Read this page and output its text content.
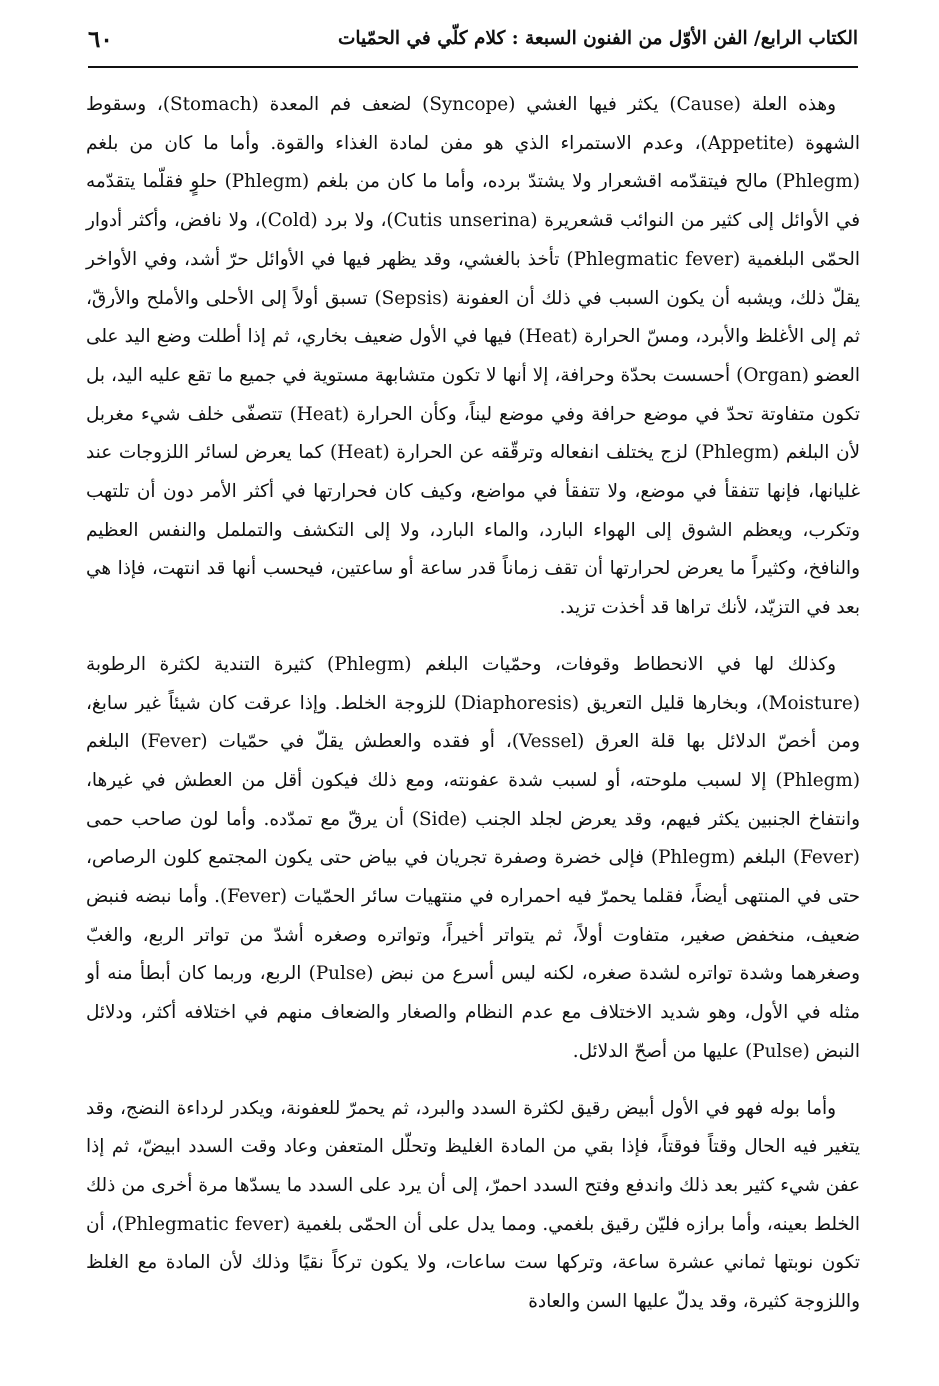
٦٠	الكتاب الرابع/ الفن الأوّل من الفنون السبعة : كلام كلّي في الحمّيات

وهذه العلة (Cause) يكثر فيها الغشي (Syncope) لضعف فم المعدة (Stomach)، وسقوط الشهوة (Appetite)، وعدم الاستمراء الذي هو مفن لمادة الغذاء والقوة. وأما ما كان من بلغم (Phlegm) مالح فيتقدّمه اقشعرار ولا يشتدّ برده، وأما ما كان من بلغم (Phlegm) حلوٍ فقلّما يتقدّمه في الأوائل إلى كثير من النوائب قشعريرة (Cutis unserina)، ولا برد (Cold)، ولا نافض، وأكثر أدوار الحمّى البلغمية (Phlegmatic fever) تأخذ بالغشي، وقد يظهر فيها في الأوائل حرّ أشد، وفي الأواخر يقلّ ذلك، ويشبه أن يكون السبب في ذلك أن العفونة (Sepsis) تسبق أولاً إلى الأحلى والأملح والأرقّ، ثم إلى الأغلظ والأبرد، ومسّ الحرارة (Heat) فيها في الأول ضعيف بخاري، ثم إذا أطلت وضع اليد على العضو (Organ) أحسست بحدّة وحرافة، إلا أنها لا تكون متشابهة مستوية في جميع ما تقع عليه اليد، بل تكون متفاوتة تحدّ في موضع حرافة وفي موضع ليناً، وكأن الحرارة (Heat) تتصفّى خلف شيء مغربل لأن البلغم (Phlegm) لزج يختلف انفعاله وترقّقه عن الحرارة (Heat) كما يعرض لسائر اللزوجات عند غليانها، فإنها تتفقأ في موضع، ولا تتفقأ في مواضع، وكيف كان فحرارتها في أكثر الأمر دون أن تلتهب وتكرب، ويعظم الشوق إلى الهواء البارد، والماء البارد، ولا إلى التكشف والتململ والنفس العظيم والنافخ، وكثيراً ما يعرض لحرارتها أن تقف زماناً قدر ساعة أو ساعتين، فيحسب أنها قد انتهت، فإذا هي بعد في التزيّد، لأنك تراها قد أخذت تزيد.

وكذلك لها في الانحطاط وقوفات، وحمّيات البلغم (Phlegm) كثيرة التندية لكثرة الرطوبة (Moisture)، وبخارها قليل التعريق (Diaphoresis) للزوجة الخلط. وإذا عرقت كان شيئاً غير سابغ، ومن أخصّ الدلائل بها قلة العرق (Vessel)، أو فقده والعطش يقلّ في حمّيات (Fever) البلغم (Phlegm) إلا لسبب ملوحته، أو لسبب شدة عفونته، ومع ذلك فيكون أقل من العطش في غيرها، وانتفاخ الجنبين يكثر فيهم، وقد يعرض لجلد الجنب (Side) أن يرقّ مع تمدّده. وأما لون صاحب حمى (Fever) البلغم (Phlegm) فإلى خضرة وصفرة تجريان في بياض حتى يكون المجتمع كلون الرصاص، حتى في المنتهى أيضاً، فقلما يحمرّ فيه احمراره في منتهيات سائر الحمّيات (Fever). وأما نبضه فنبض ضعيف، منخفض صغير، متفاوت أولاً، ثم يتواتر أخيراً، وتواتره وصغره أشدّ من تواتر الربع، والغبّ وصغرهما وشدة تواتره لشدة صغره، لكنه ليس أسرع من نبض (Pulse) الربع، وربما كان أبطأ منه أو مثله في الأول، وهو شديد الاختلاف مع عدم النظام والصغار والضعاف منهم في اختلافه أكثر، ودلائل النبض (Pulse) عليها من أصحّ الدلائل.

وأما بوله فهو في الأول أبيض رقيق لكثرة السدد والبرد، ثم يحمرّ للعفونة، ويكدر لرداءة النضج، وقد يتغير فيه الحال وقتاً فوقتاً، فإذا بقي من المادة الغليظ وتحلّل المتعفن وعاد وقت السدد ابيضّ، ثم إذا عفن شيء كثير بعد ذلك واندفع وفتح السدد احمرّ، إلى أن يرد على السدد ما يسدّها مرة أخرى من ذلك الخلط بعينه، وأما برازه فليّن رقيق بلغمي. ومما يدل على أن الحمّى بلغمية (Phlegmatic fever)، أن تكون نوبتها ثماني عشرة ساعة، وتركها ست ساعات، ولا يكون تركاً نقيًا وذلك لأن المادة مع الغلظ واللزوجة كثيرة، وقد يدلّ عليها السن والعادة
